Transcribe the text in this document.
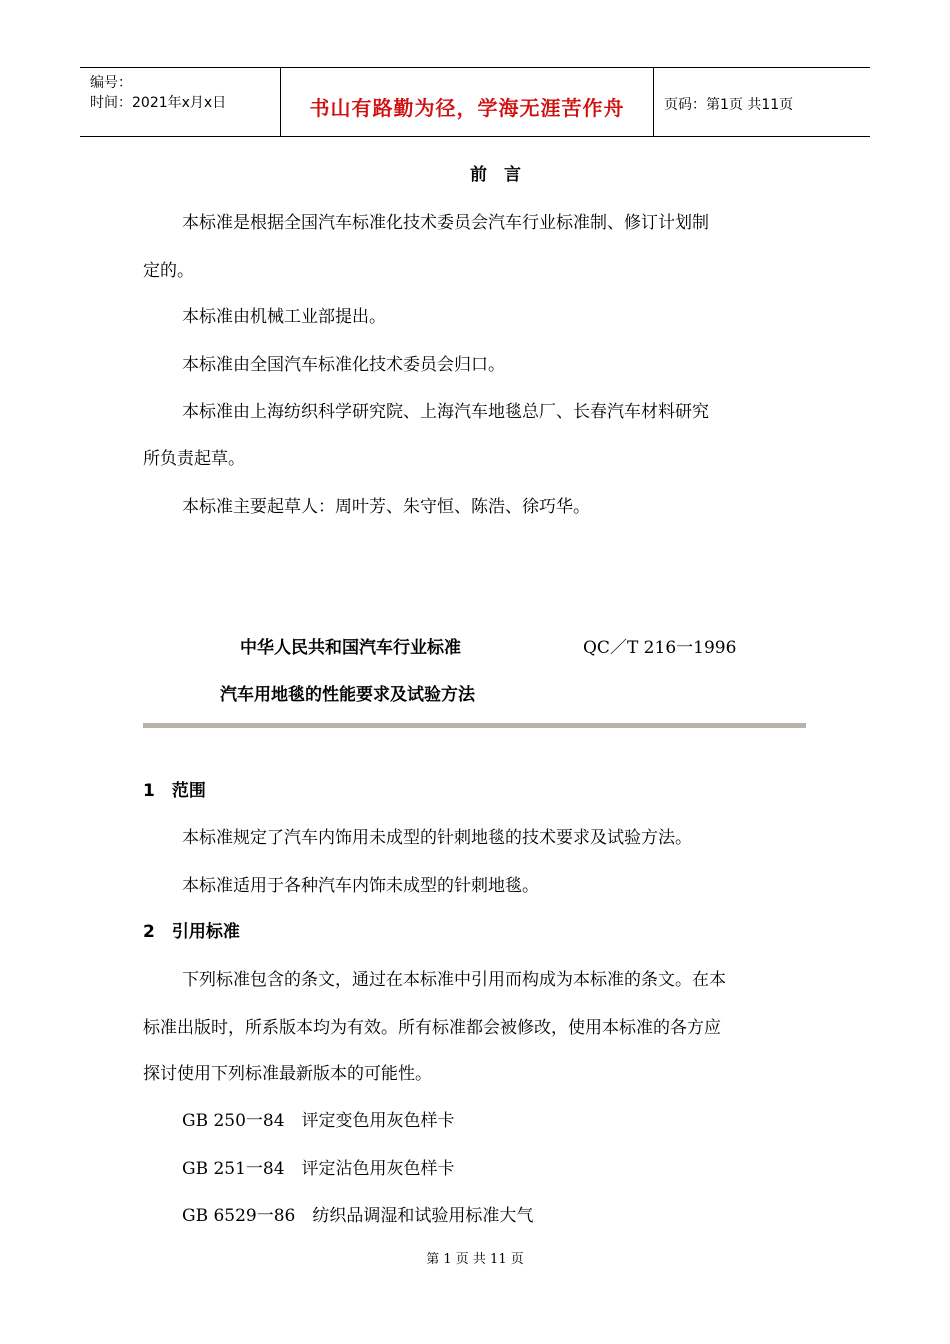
编号：
时间：2021年x月x日	书山有路勤为径，学海无涯苦作舟	页码：第1页 共11页
前　言
本标准是根据全国汽车标准化技术委员会汽车行业标准制、修订计划制
定的。
本标准由机械工业部提出。
本标准由全国汽车标准化技术委员会归口。
本标准由上海纺织科学研究院、上海汽车地毯总厂、长春汽车材料研究
所负责起草。
本标准主要起草人：周叶芳、朱守恒、陈浩、徐巧华。
中华人民共和国汽车行业标准	QC／T 216一1996
汽车用地毯的性能要求及试验方法
1　范围
本标准规定了汽车内饰用未成型的针刺地毯的技术要求及试验方法。
本标准适用于各种汽车内饰未成型的针刺地毯。
2　引用标准
下列标准包含的条文，通过在本标准中引用而构成为本标准的条文。在本
标准出版时，所系版本均为有效。所有标准都会被修改，使用本标准的各方应
探讨使用下列标准最新版本的可能性。
GB 250一84　评定变色用灰色样卡
GB 251一84　评定沾色用灰色样卡
GB 6529一86　纺织品调湿和试验用标准大气
第 1 页 共 11 页
